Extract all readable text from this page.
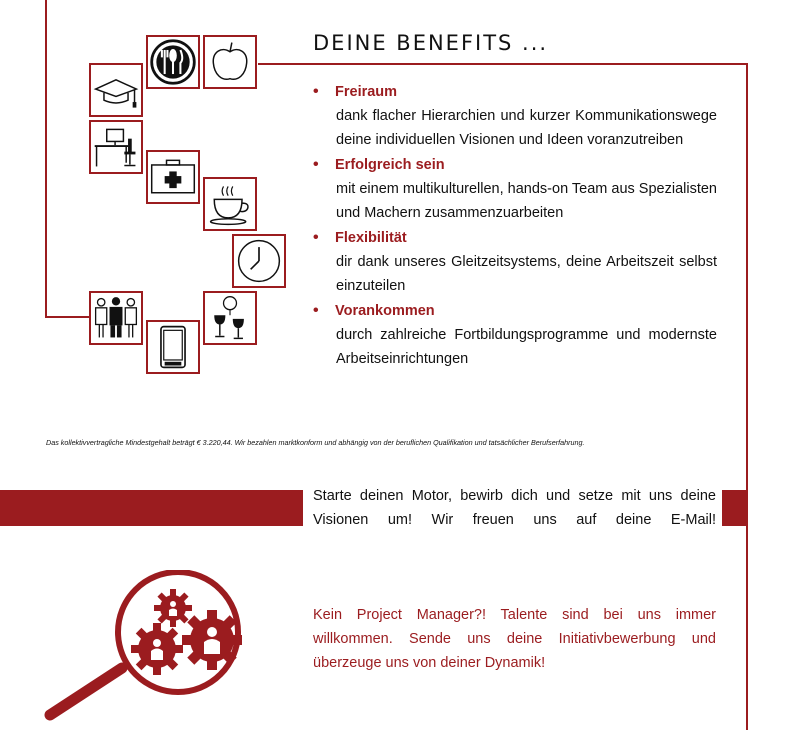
DEINE BENEFITS ...
•	Freiraum
dank flacher Hierarchien und kurzer Kommunikationswege deine individuellen Visionen und Ideen voranzutreiben
•	Erfolgreich sein
mit einem multikulturellen, hands-on Team aus Spezialisten und Machern zusammenzuarbeiten
•	Flexibilität
dir dank unseres Gleitzeitsystems, deine Arbeitszeit selbst einzuteilen
•	Vorankommen
durch zahlreiche Fortbildungsprogramme und modernste Arbeitseinrichtungen
Das kollektivvertragliche Mindestgehalt beträgt € 3.220,44. Wir bezahlen marktkonform und abhängig von der beruflichen Qualifikation und tatsächlicher Berufserfahrung.
Starte deinen Motor, bewirb dich und setze mit uns deine Visionen um! Wir freuen uns auf deine E-Mail!
Kein Project Manager?! Talente sind bei uns immer willkommen. Sende uns deine Initiativbewerbung und überzeuge uns von deiner Dynamik!
